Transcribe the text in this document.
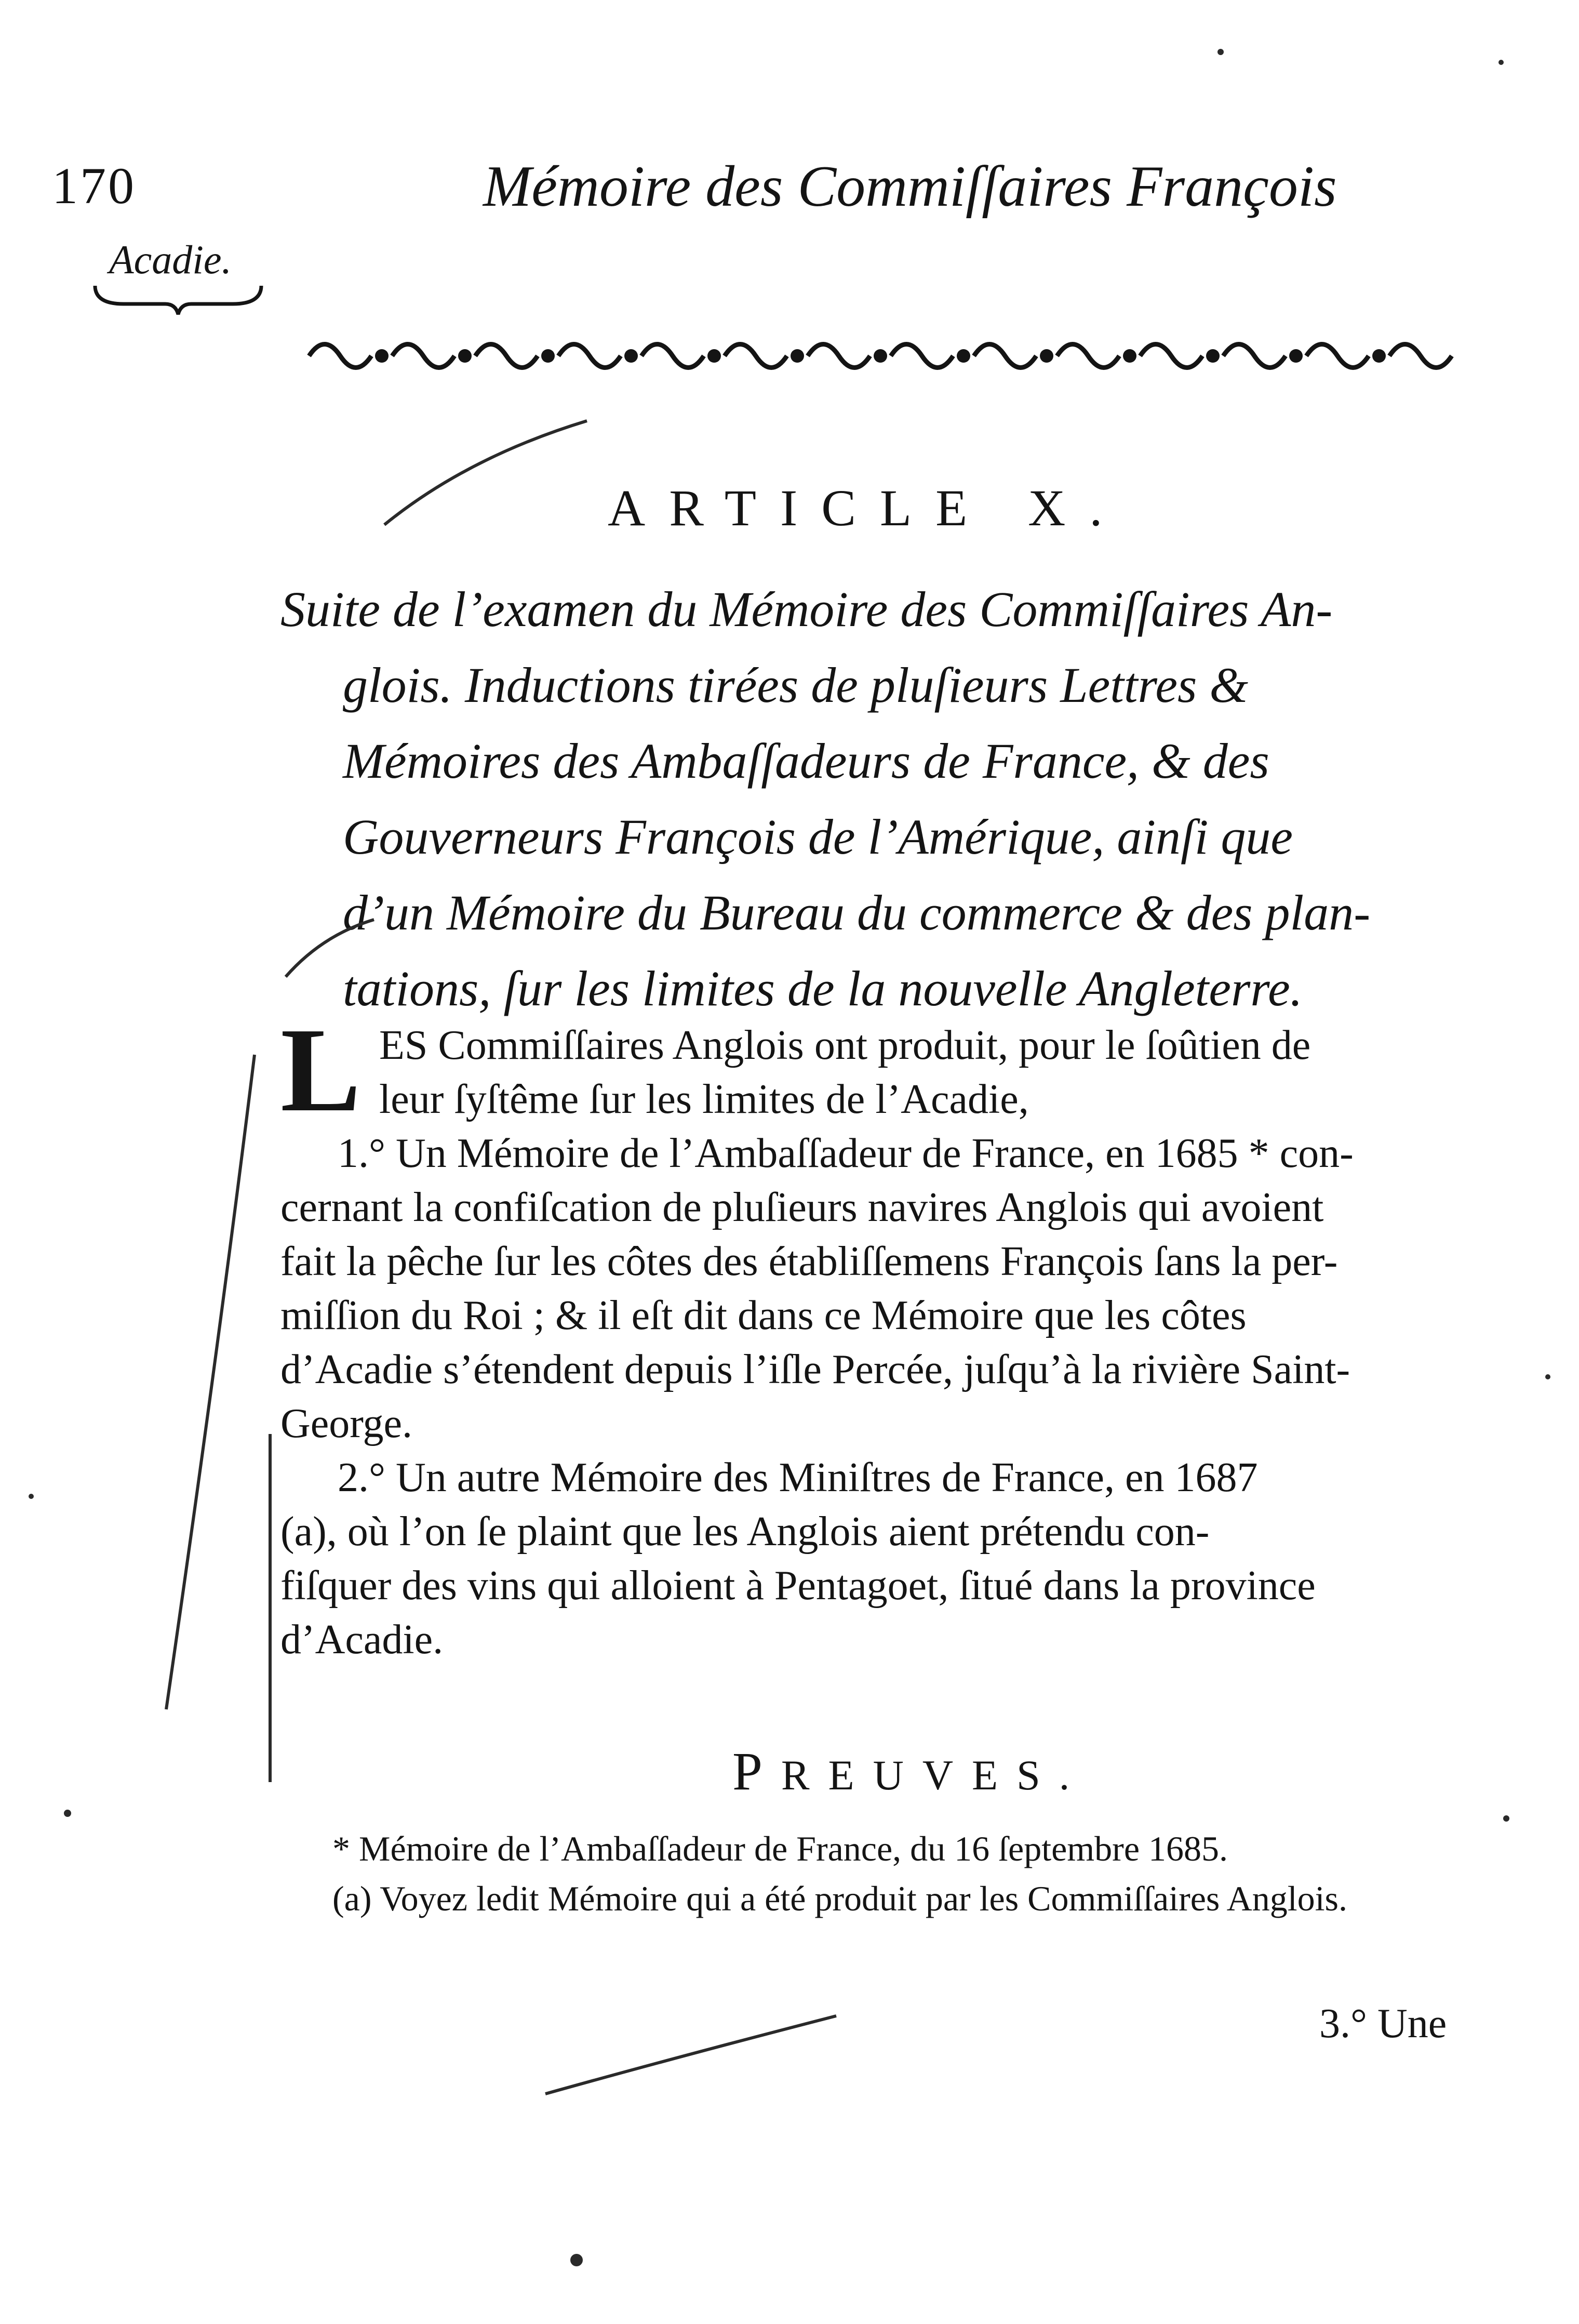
170	Mémoire des Commiſſaires François
Acadie.
ARTICLE X.
Suite de l’examen du Mémoire des Commiſſaires An-
glois. Inductions tirées de pluſieurs Lettres &
Mémoires des Ambaſſadeurs de France, & des
Gouverneurs François de l’Amérique, ainſi que
d’un Mémoire du Bureau du commerce & des plan-
tations, ſur les limites de la nouvelle Angleterre.
L ES Commiſſaires Anglois ont produit, pour le ſoûtien de
leur ſyſtême ſur les limites de l’Acadie,
1.° Un Mémoire de l’Ambaſſadeur de France, en 1685 * con-
cernant la confiſcation de pluſieurs navires Anglois qui avoient
fait la pêche ſur les côtes des établiſſemens François ſans la per-
miſſion du Roi ; & il eſt dit dans ce Mémoire que les côtes
d’Acadie s’étendent depuis l’iſle Percée, juſqu’à la rivière Saint-
George.
2.° Un autre Mémoire des Miniſtres de France, en 1687
(a), où l’on ſe plaint que les Anglois aient prétendu con-
fiſquer des vins qui alloient à Pentagoet, ſitué dans la province
d’Acadie.
PREUVES.
* Mémoire de l’Ambaſſadeur de France, du 16 ſeptembre 1685.
(a) Voyez ledit Mémoire qui a été produit par les Commiſſaires Anglois.
3.° Une
